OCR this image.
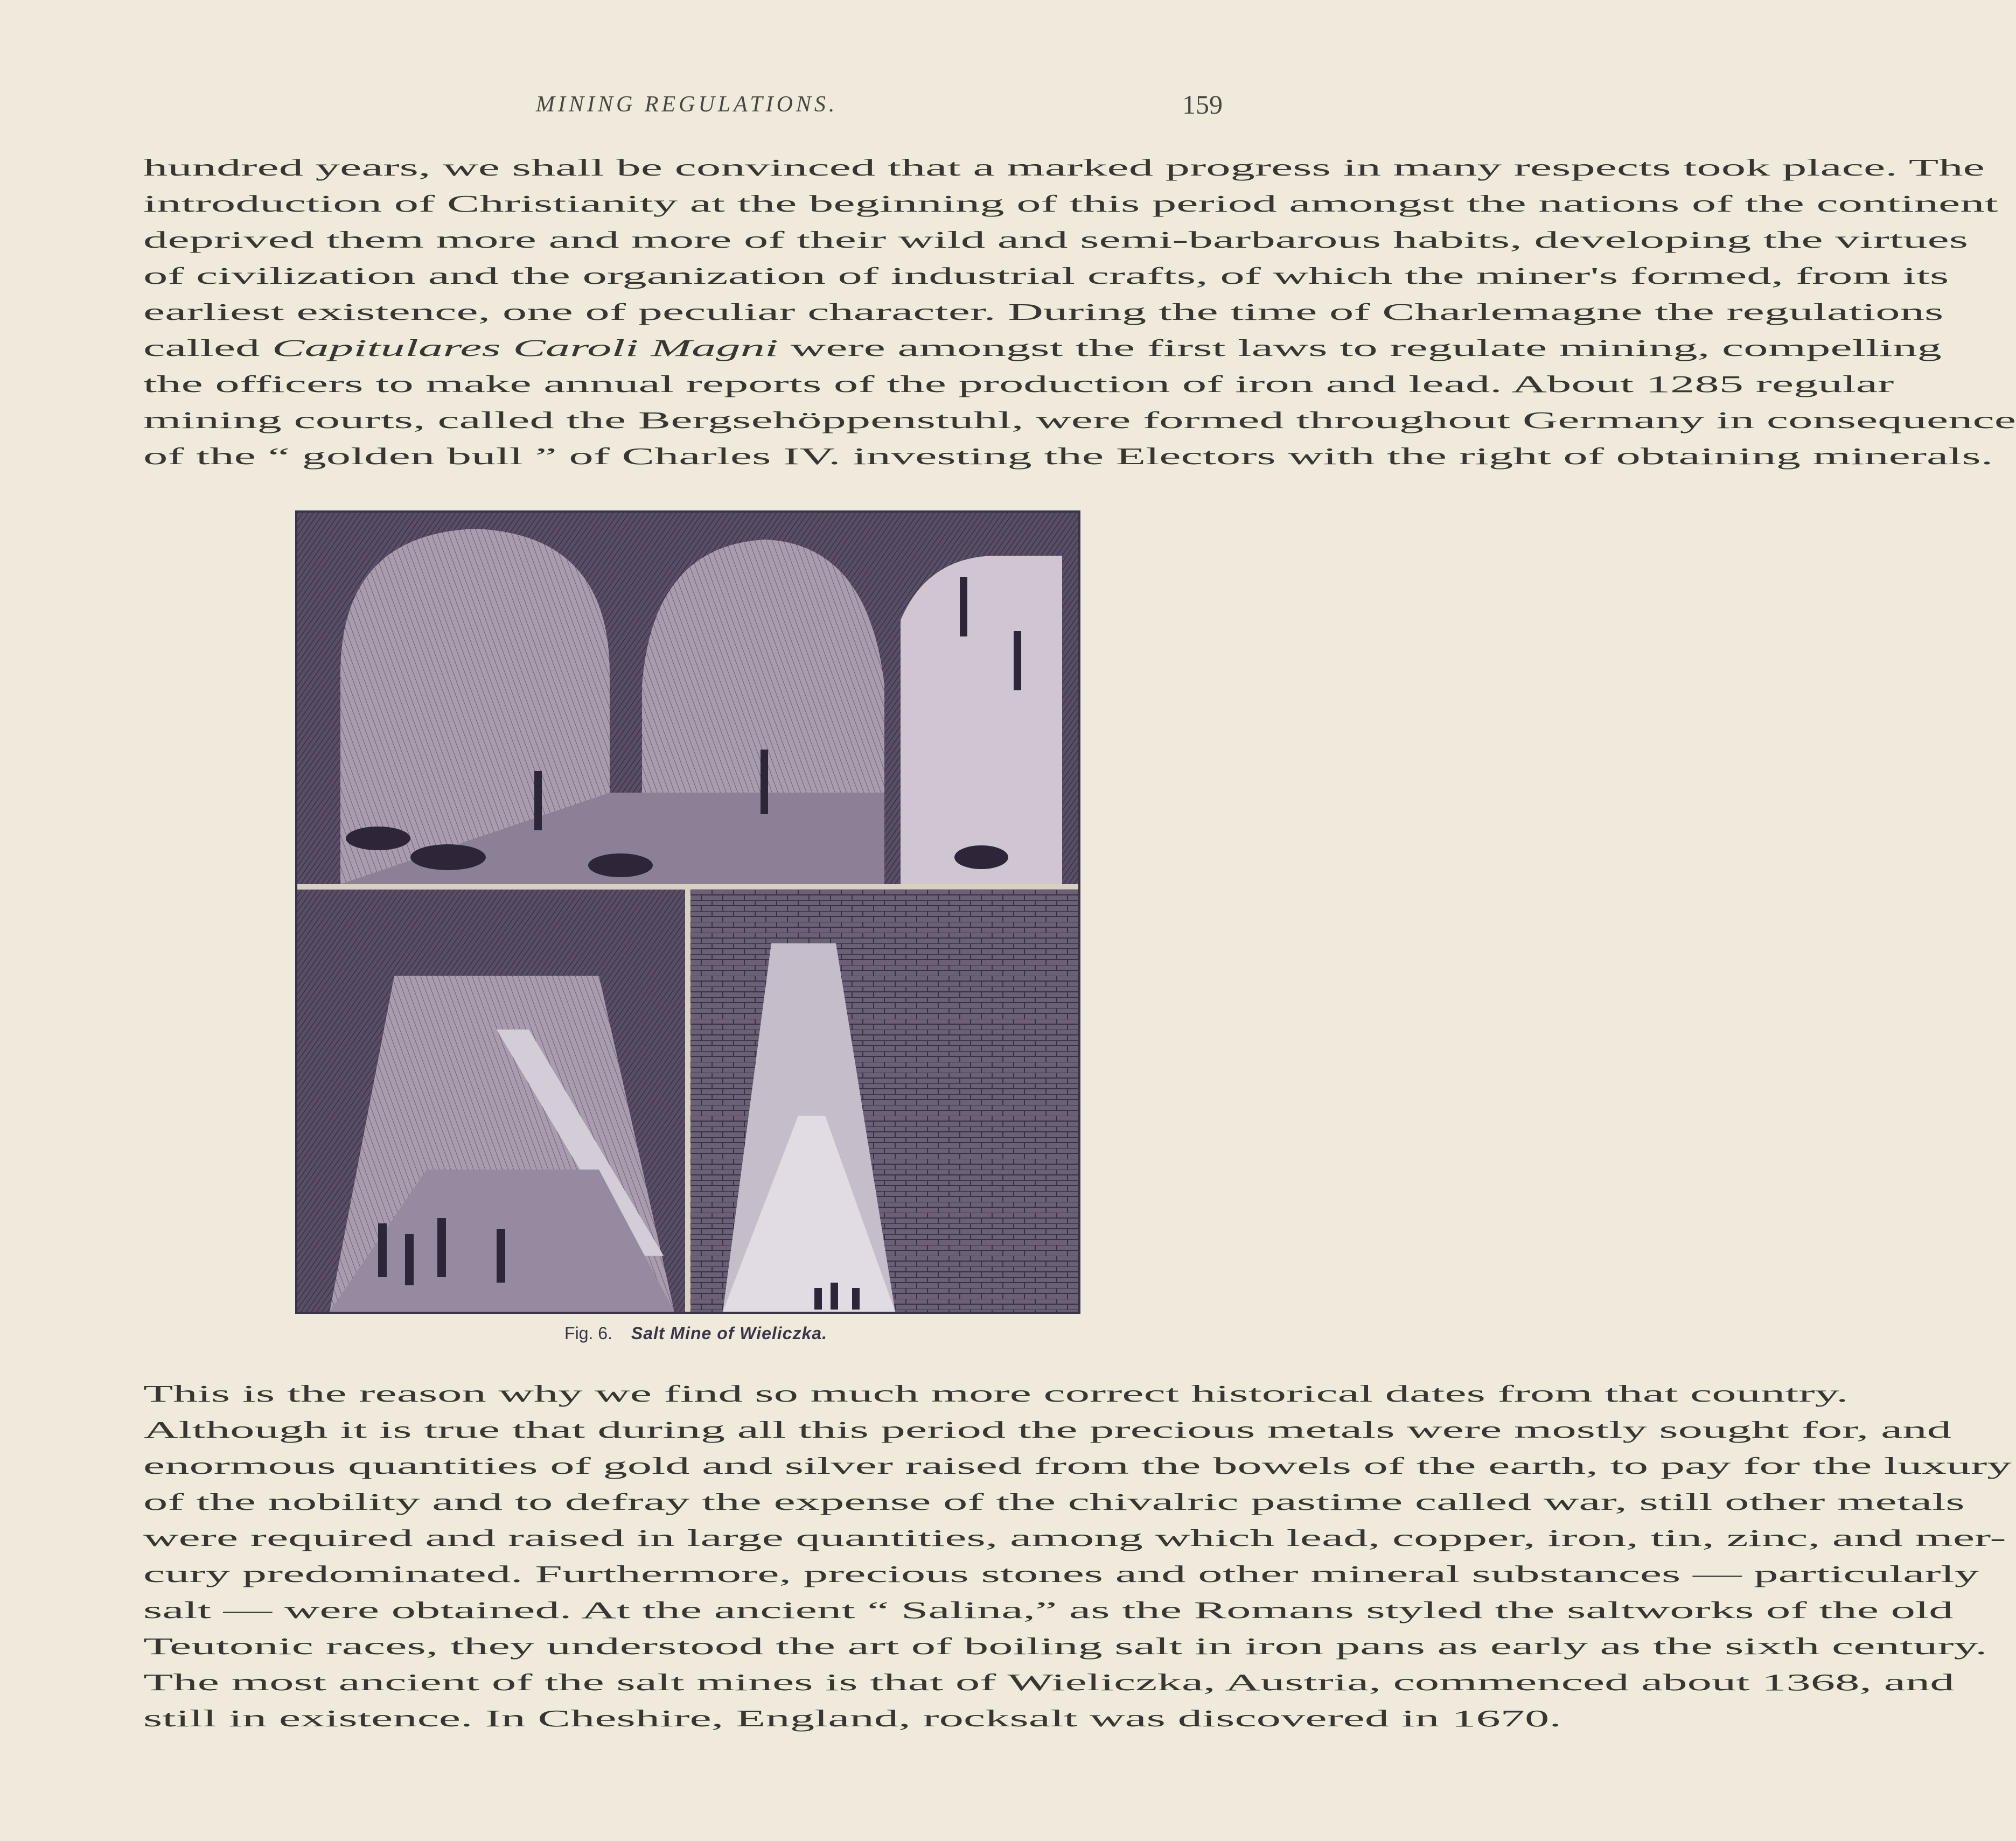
MINING REGULATIONS.	159
hundred years, we shall be convinced that a marked progress in many respects took place. The
introduction of Christianity at the beginning of this period amongst the nations of the continent
deprived them more and more of their wild and semi-barbarous habits, developing the virtues
of civilization and the organization of industrial crafts, of which the miner's formed, from its
earliest existence, one of peculiar character. During the time of Charlemagne the regulations
called Capitulares Caroli Magni were amongst the first laws to regulate mining, compelling
the officers to make annual reports of the production of iron and lead. About 1285 regular
mining courts, called the Bergsehöppenstuhl, were formed throughout Germany in consequence
of the “ golden bull ” of Charles IV. investing the Electors with the right of obtaining minerals.
Fig. 6. Salt Mine of Wieliczka.
This is the reason why we find so much more correct historical dates from that country.
Although it is true that during all this period the precious metals were mostly sought for, and
enormous quantities of gold and silver raised from the bowels of the earth, to pay for the luxury
of the nobility and to defray the expense of the chivalric pastime called war, still other metals
were required and raised in large quantities, among which lead, copper, iron, tin, zinc, and mer-
cury predominated. Furthermore, precious stones and other mineral substances — particularly
salt — were obtained. At the ancient “ Salina,” as the Romans styled the saltworks of the old
Teutonic races, they understood the art of boiling salt in iron pans as early as the sixth century.
The most ancient of the salt mines is that of Wieliczka, Austria, commenced about 1368, and
still in existence. In Cheshire, England, rocksalt was discovered in 1670.
